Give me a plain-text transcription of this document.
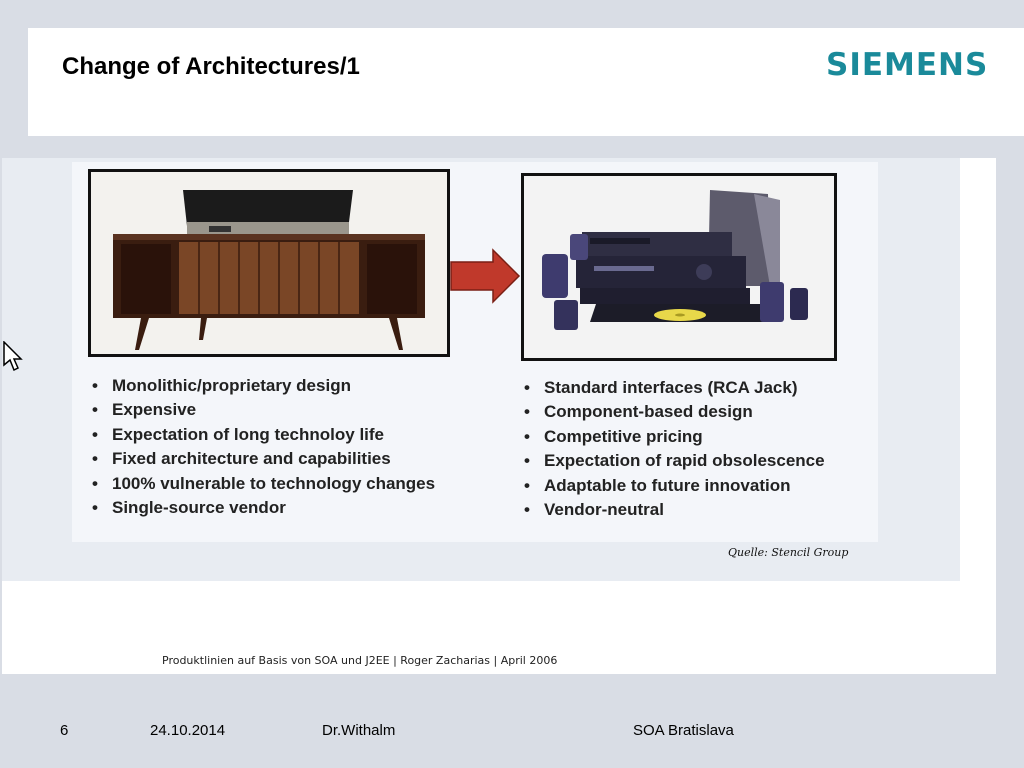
Change of Architectures/1	SIEMENS
• Monolithic/proprietary design
• Expensive
• Expectation of long technoloy life
• Fixed architecture and capabilities
• 100% vulnerable to technology changes
• Single-source vendor
• Standard interfaces (RCA Jack)
• Component-based design
• Competitive pricing
• Expectation of rapid obsolescence
• Adaptable to future innovation
• Vendor-neutral
Quelle: Stencil Group
Produktlinien auf Basis von SOA und J2EE | Roger Zacharias | April 2006
6	24.10.2014	Dr.Withalm	SOA Bratislava
